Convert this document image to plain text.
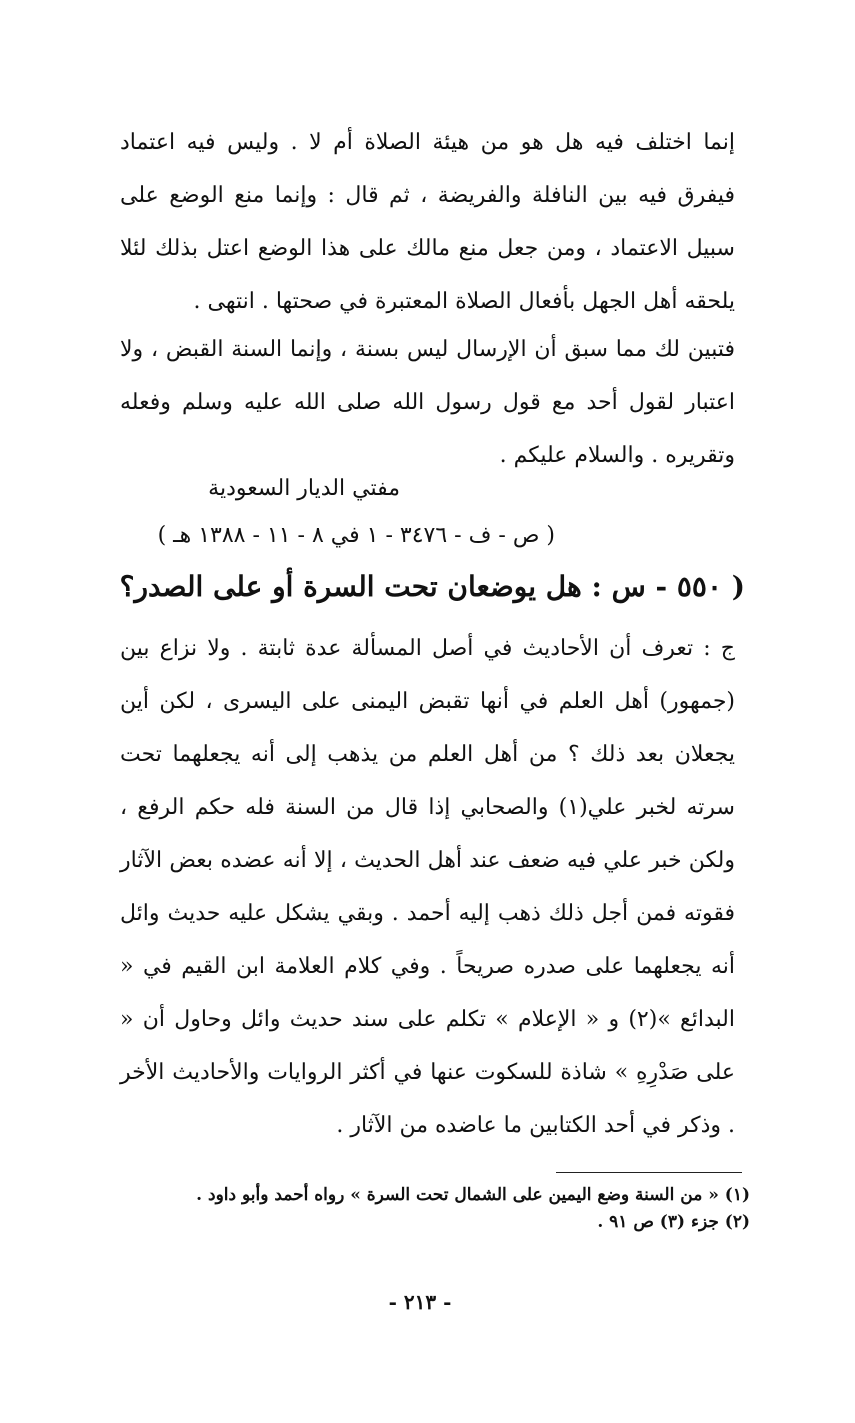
إنما اختلف فيه هل هو من هيئة الصلاة أم لا . وليس فيه اعتماد فيفرق فيه بين النافلة والفريضة ، ثم قال : وإنما منع الوضع على سبيل الاعتماد ، ومن جعل منع مالك على هذا الوضع اعتل بذلك لئلا يلحقه أهل الجهل بأفعال الصلاة المعتبرة في صحتها . انتهى .

فتبين لك مما سبق أن الإرسال ليس بسنة ، وإنما السنة القبض ، ولا اعتبار لقول أحد مع قول رسول الله صلى الله عليه وسلم وفعله وتقريره . والسلام عليكم .

مفتي الديار السعودية
( ص - ف - ٣٤٧٦ - ١ في ٨ - ١١ - ١٣٨٨ هـ )
( ٥٥٠ - س : هل يوضعان تحت السرة أو على الصدر؟

ج : تعرف أن الأحاديث في أصل المسألة عدة ثابتة . ولا نزاع بين (جمهور) أهل العلم في أنها تقبض اليمنى على اليسرى ، لكن أين يجعلان بعد ذلك ؟ من أهل العلم من يذهب إلى أنه يجعلهما تحت سرته لخبر علي(١) والصحابي إذا قال من السنة فله حكم الرفع ، ولكن خبر علي فيه ضعف عند أهل الحديث ، إلا أنه عضده بعض الآثار فقوته فمن أجل ذلك ذهب إليه أحمد . وبقي يشكل عليه حديث وائل أنه يجعلهما على صدره صريحاً . وفي كلام العلامة ابن القيم في « البدائع »(٢) و « الإعلام » تكلم على سند حديث وائل وحاول أن « على صَدْرِهِ » شاذة للسكوت عنها في أكثر الروايات والأحاديث الأخر . وذكر في أحد الكتابين ما عاضده من الآثار .

(١) « من السنة وضع اليمين على الشمال تحت السرة » رواه أحمد وأبو داود .
(٢) جزء (٣) ص ٩١ .
- ٢١٣ -
